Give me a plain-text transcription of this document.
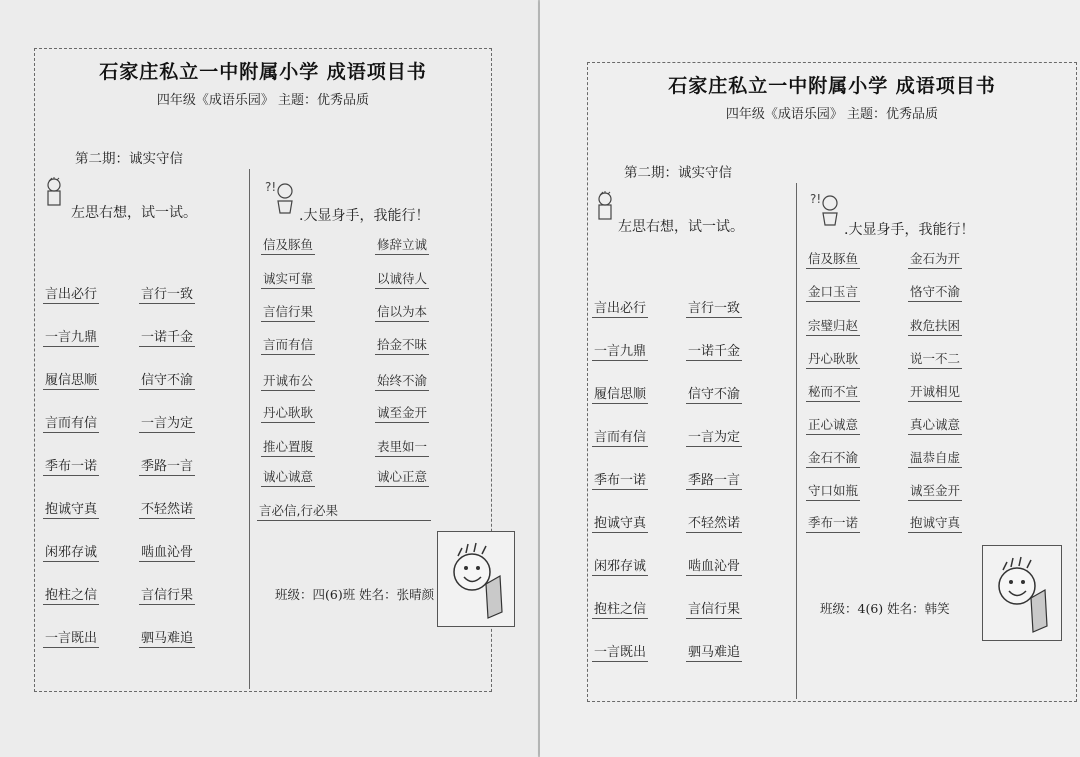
石家庄私立一中附属小学 成语项目书
四年级《成语乐园》 主题：优秀品质
第二期：诚实守信
左思右想，试一试。
?!
.大显身手，我能行！
言出必行	言行一致
一言九鼎	一诺千金
履信思顺	信守不渝
言而有信	一言为定
季布一诺	季路一言
抱诚守真	不轻然诺
闲邪存诚	啮血沁骨
抱柱之信	言信行果
一言既出	驷马难追
信及豚鱼	修辞立诚
诚实可靠	以诚待人
言信行果	信以为本
言而有信	拾金不昧
开诚布公	始终不渝
丹心耿耿	诚至金开
推心置腹	表里如一
诚心诚意	诚心正意
言必信,行必果
班级：四(6)班 姓名：张晴颜
石家庄私立一中附属小学 成语项目书
四年级《成语乐园》 主题：优秀品质
第二期：诚实守信
左思右想，试一试。
?!
.大显身手，我能行！
言出必行	言行一致
一言九鼎	一诺千金
履信思顺	信守不渝
言而有信	一言为定
季布一诺	季路一言
抱诚守真	不轻然诺
闲邪存诚	啮血沁骨
抱柱之信	言信行果
一言既出	驷马难追
信及豚鱼	金石为开
金口玉言	恪守不渝
宗璧归赵	救危扶困
丹心耿耿	说一不二
秘而不宣	开诚相见
正心诚意	真心诚意
金石不渝	温恭自虚
守口如瓶	诚至金开
季布一诺	抱诚守真
班级：4(6) 姓名：韩笑
